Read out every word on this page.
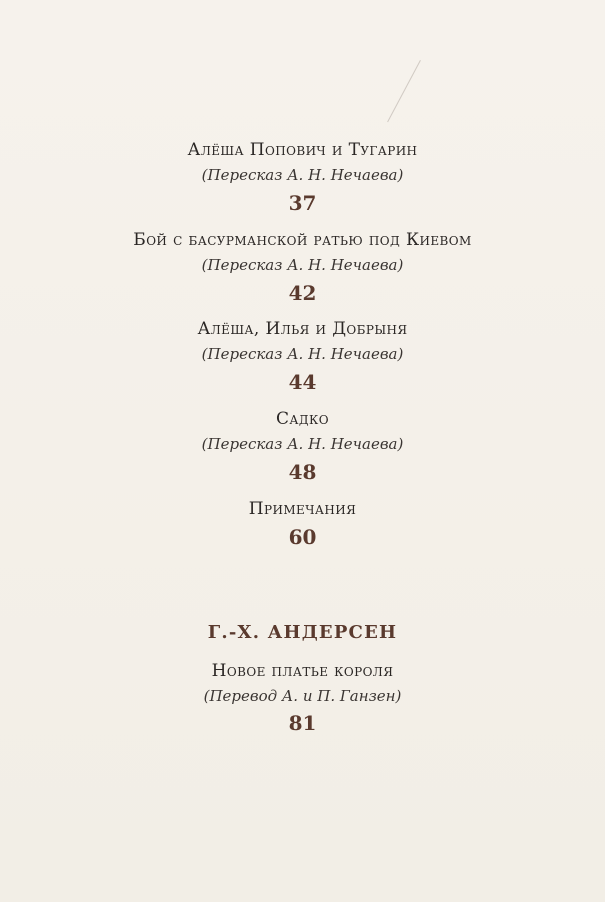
Алёша Попович и Тугарин
(Пересказ А. Н. Нечаева)
37
Бой с басурманской ратью под Киевом
(Пересказ А. Н. Нечаева)
42
Алёша, Илья и Добрыня
(Пересказ А. Н. Нечаева)
44
Садко
(Пересказ А. Н. Нечаева)
48
Примечания
60
Г.-Х. АНДЕРСЕН
Новое платье короля
(Перевод А. и П. Ганзен)
81
